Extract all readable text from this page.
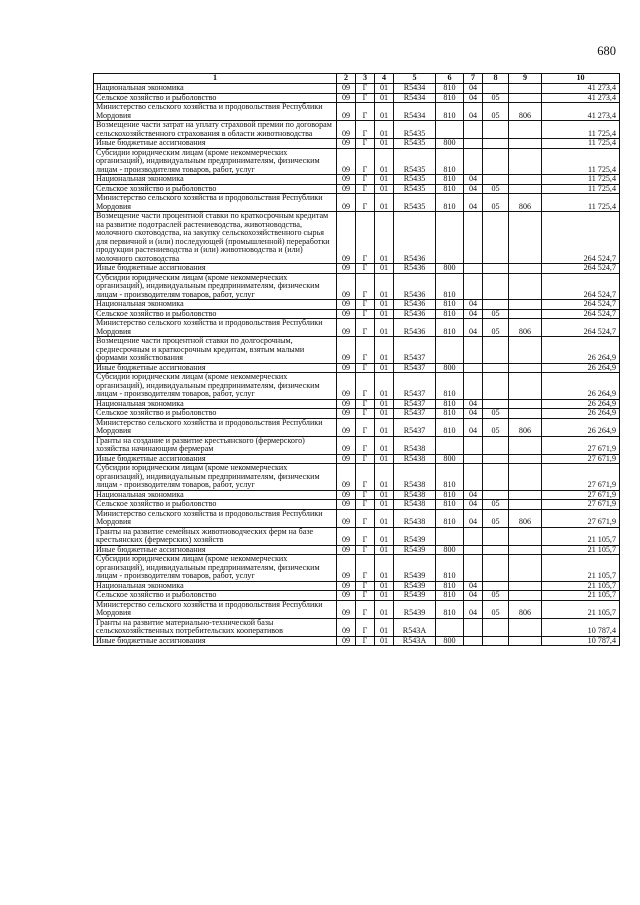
680
1	2	3	4	5	6	7	8	9	10
Национальная экономика	09	Г	01	R5434	810	04			41 273,4
Сельское хозяйство и рыболовство	09	Г	01	R5434	810	04	05		41 273,4
Министерство сельского хозяйства и продовольствия Республики Мордовия	09	Г	01	R5434	810	04	05	806	41 273,4
Возмещение части затрат на уплату страховой премии по договорам сельскохозяйственного страхования в области животноводства	09	Г	01	R5435					11 725,4
Иные бюджетные ассигнования	09	Г	01	R5435	800				11 725,4
Субсидии юридическим лицам (кроме некоммерческих организаций), индивидуальным предпринимателям, физическим лицам - производителям товаров, работ, услуг	09	Г	01	R5435	810				11 725,4
Национальная экономика	09	Г	01	R5435	810	04			11 725,4
Сельское хозяйство и рыболовство	09	Г	01	R5435	810	04	05		11 725,4
Министерство сельского хозяйства и продовольствия Республики Мордовия	09	Г	01	R5435	810	04	05	806	11 725,4
Возмещение части процентной ставки по краткосрочным кредитам на развитие подотраслей растениеводства, животноводства, молочного скотоводства, на закупку сельскохозяйственного сырья для первичной и (или) последующей (промышленной) переработки продукции растениеводства и (или) животноводства и (или) молочного скотоводства	09	Г	01	R5436					264 524,7
Иные бюджетные ассигнования	09	Г	01	R5436	800				264 524,7
Субсидии юридическим лицам (кроме некоммерческих организаций), индивидуальным предпринимателям, физическим лицам - производителям товаров, работ, услуг	09	Г	01	R5436	810				264 524,7
Национальная экономика	09	Г	01	R5436	810	04			264 524,7
Сельское хозяйство и рыболовство	09	Г	01	R5436	810	04	05		264 524,7
Министерство сельского хозяйства и продовольствия Республики Мордовия	09	Г	01	R5436	810	04	05	806	264 524,7
Возмещение части процентной ставки по долгосрочным, среднесрочным и краткосрочным кредитам, взятым малыми формами хозяйствования	09	Г	01	R5437					26 264,9
Иные бюджетные ассигнования	09	Г	01	R5437	800				26 264,9
Субсидии юридическим лицам (кроме некоммерческих организаций), индивидуальным предпринимателям, физическим лицам - производителям товаров, работ, услуг	09	Г	01	R5437	810				26 264,9
Национальная экономика	09	Г	01	R5437	810	04			26 264,9
Сельское хозяйство и рыболовство	09	Г	01	R5437	810	04	05		26 264,9
Министерство сельского хозяйства и продовольствия Республики Мордовия	09	Г	01	R5437	810	04	05	806	26 264,9
Гранты на создание и развитие крестьянского (фермерского) хозяйства начинающим фермерам	09	Г	01	R5438					27 671,9
Иные бюджетные ассигнования	09	Г	01	R5438	800				27 671,9
Субсидии юридическим лицам (кроме некоммерческих организаций), индивидуальным предпринимателям, физическим лицам - производителям товаров, работ, услуг	09	Г	01	R5438	810				27 671,9
Национальная экономика	09	Г	01	R5438	810	04			27 671,9
Сельское хозяйство и рыболовство	09	Г	01	R5438	810	04	05		27 671,9
Министерство сельского хозяйства и продовольствия Республики Мордовия	09	Г	01	R5438	810	04	05	806	27 671,9
Гранты на развитие семейных животноводческих ферм на базе крестьянских (фермерских) хозяйств	09	Г	01	R5439					21 105,7
Иные бюджетные ассигнования	09	Г	01	R5439	800				21 105,7
Субсидии юридическим лицам (кроме некоммерческих организаций), индивидуальным предпринимателям, физическим лицам - производителям товаров, работ, услуг	09	Г	01	R5439	810				21 105,7
Национальная экономика	09	Г	01	R5439	810	04			21 105,7
Сельское хозяйство и рыболовство	09	Г	01	R5439	810	04	05		21 105,7
Министерство сельского хозяйства и продовольствия Республики Мордовия	09	Г	01	R5439	810	04	05	806	21 105,7
Гранты на развитие материально-технической базы сельскохозяйственных потребительских кооперативов	09	Г	01	R543A					10 787,4
Иные бюджетные ассигнования	09	Г	01	R543A	800				10 787,4
